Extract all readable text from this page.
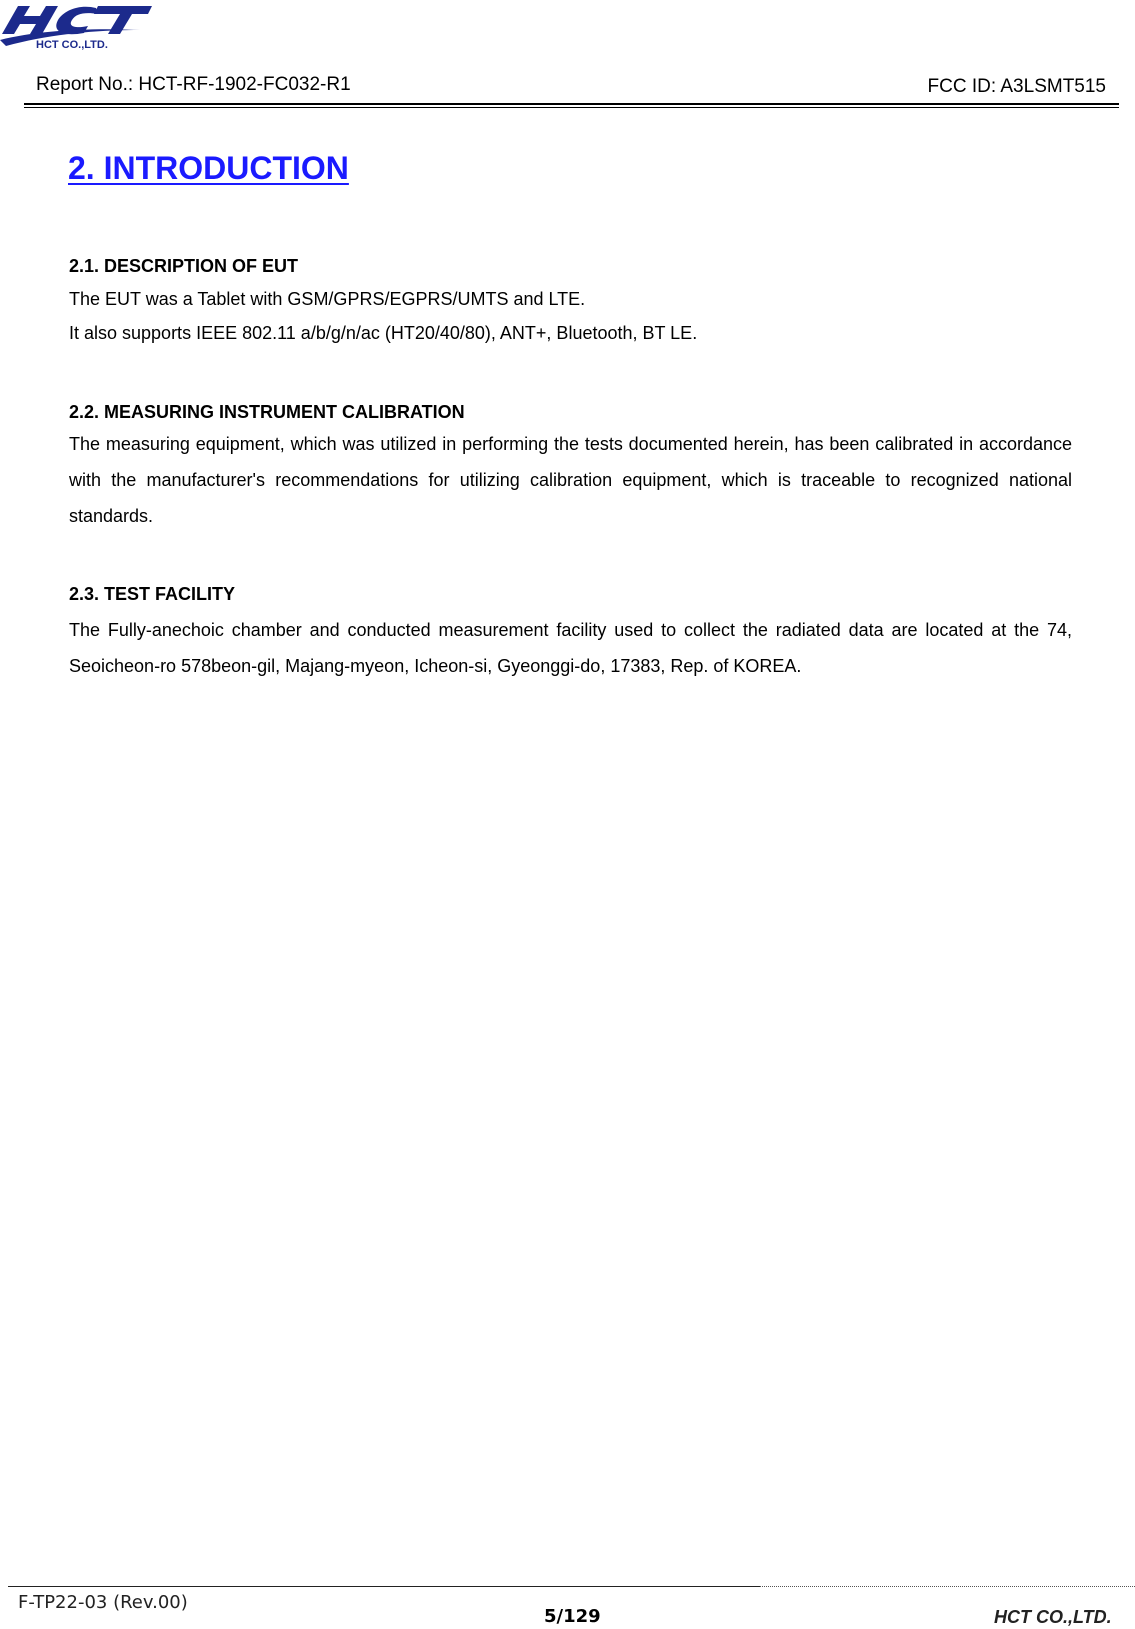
HCT CO.,LTD.
Report No.: HCT-RF-1902-FC032-R1	FCC ID: A3LSMT515
2. INTRODUCTION
2.1. DESCRIPTION OF EUT
The EUT was a Tablet with GSM/GPRS/EGPRS/UMTS and LTE.
It also supports IEEE 802.11 a/b/g/n/ac (HT20/40/80), ANT+, Bluetooth, BT LE.
2.2. MEASURING INSTRUMENT CALIBRATION
The measuring equipment, which was utilized in performing the tests documented herein, has been calibrated in accordance with the manufacturer's recommendations for utilizing calibration equipment, which is traceable to recognized national standards.
2.3. TEST FACILITY
The Fully-anechoic chamber and conducted measurement facility used to collect the radiated data are located at the 74, Seoicheon-ro 578beon-gil, Majang-myeon, Icheon-si, Gyeonggi-do, 17383, Rep. of KOREA.
F-TP22-03 (Rev.00)
5/129	HCT CO.,LTD.
